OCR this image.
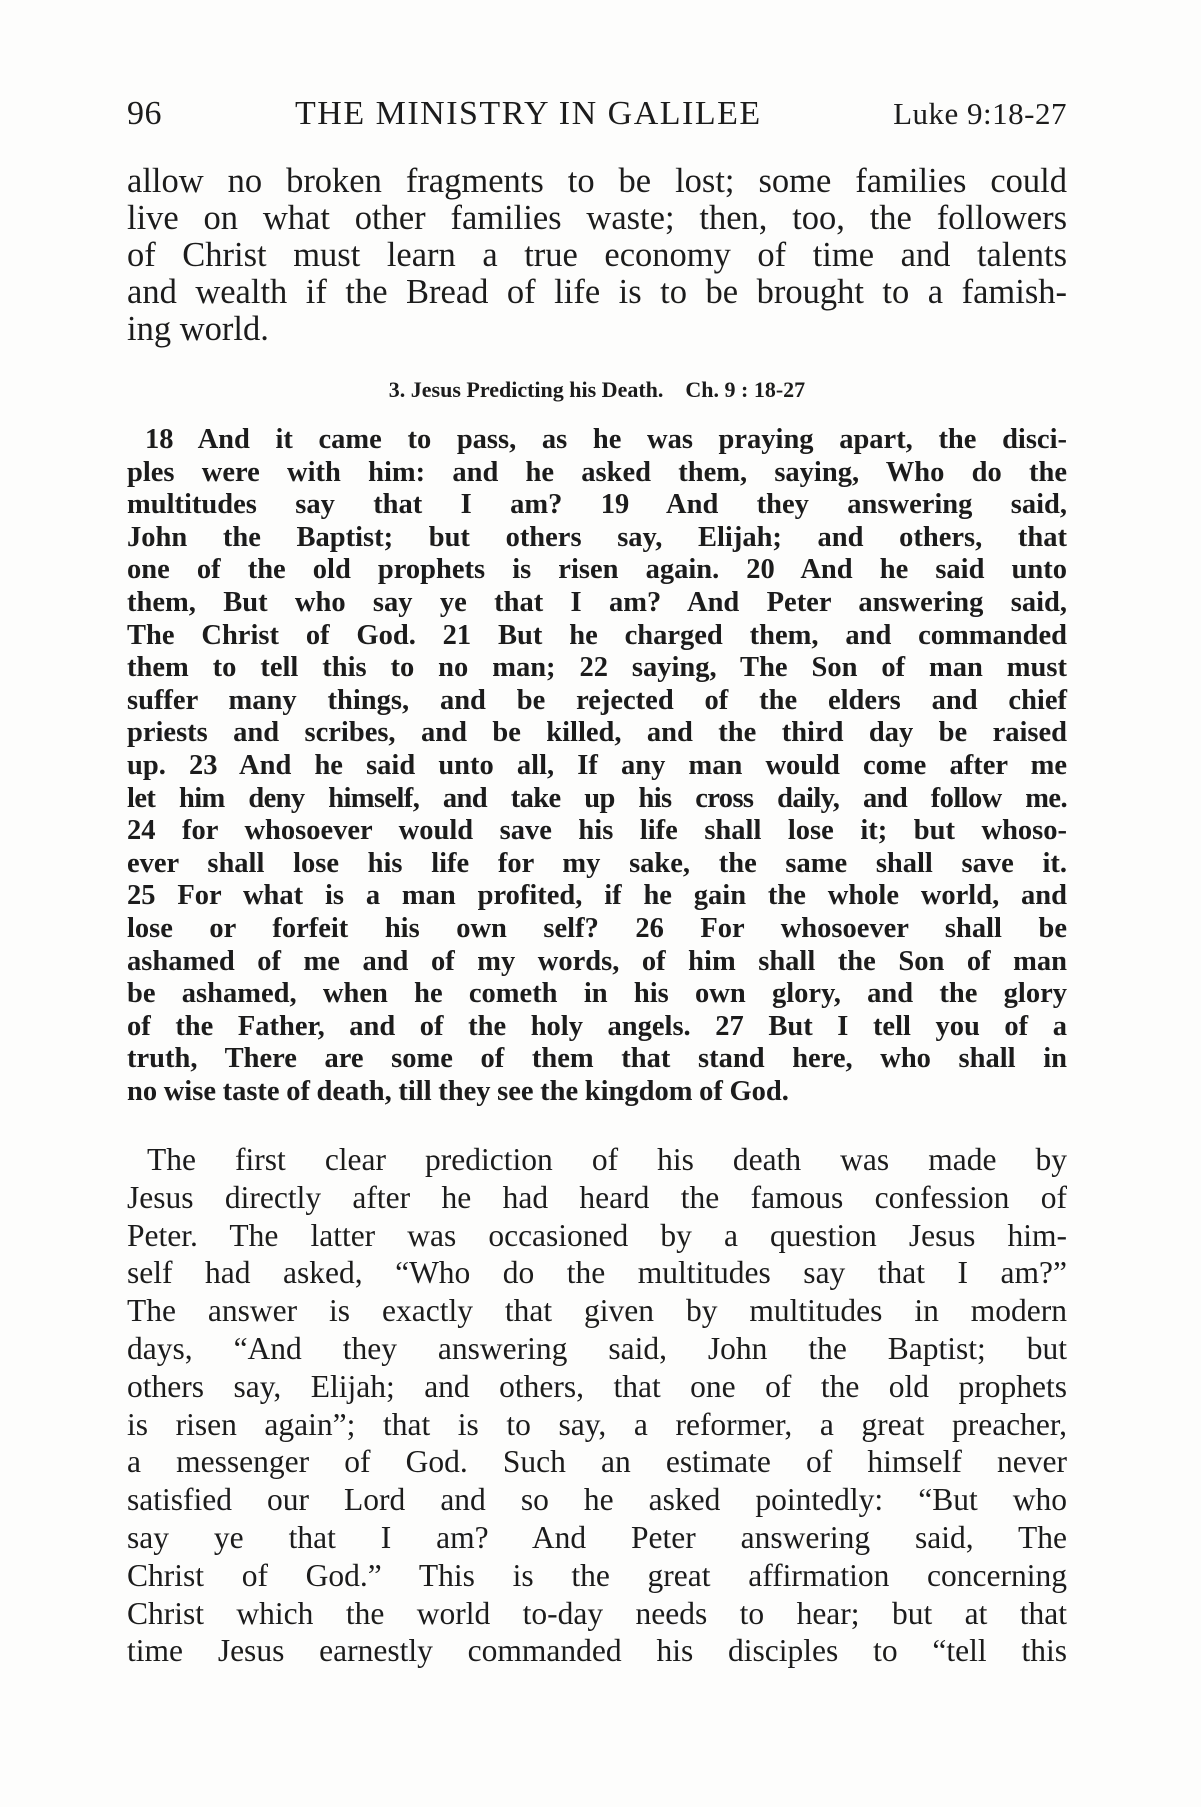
96	THE MINISTRY IN GALILEE	Luke 9:18-27
allow no broken fragments to be lost; some families could
live on what other families waste; then, too, the followers
of Christ must learn a true economy of time and talents
and wealth if the Bread of life is to be brought to a famish-
ing world.
3. Jesus Predicting his Death. Ch. 9 : 18-27
18 And it came to pass, as he was praying apart, the disci-
ples were with him: and he asked them, saying, Who do the
multitudes say that I am? 19 And they answering said,
John the Baptist; but others say, Elijah; and others, that
one of the old prophets is risen again. 20 And he said unto
them, But who say ye that I am? And Peter answering said,
The Christ of God. 21 But he charged them, and commanded
them to tell this to no man; 22 saying, The Son of man must
suffer many things, and be rejected of the elders and chief
priests and scribes, and be killed, and the third day be raised
up. 23 And he said unto all, If any man would come after me
let him deny himself, and take up his cross daily, and follow me.
24 for whosoever would save his life shall lose it; but whoso-
ever shall lose his life for my sake, the same shall save it.
25 For what is a man profited, if he gain the whole world, and
lose or forfeit his own self? 26 For whosoever shall be
ashamed of me and of my words, of him shall the Son of man
be ashamed, when he cometh in his own glory, and the glory
of the Father, and of the holy angels. 27 But I tell you of a
truth, There are some of them that stand here, who shall in
no wise taste of death, till they see the kingdom of God.
The first clear prediction of his death was made by
Jesus directly after he had heard the famous confession of
Peter. The latter was occasioned by a question Jesus him-
self had asked, “Who do the multitudes say that I am?”
The answer is exactly that given by multitudes in modern
days, “And they answering said, John the Baptist; but
others say, Elijah; and others, that one of the old prophets
is risen again”; that is to say, a reformer, a great preacher,
a messenger of God. Such an estimate of himself never
satisfied our Lord and so he asked pointedly: “But who
say ye that I am? And Peter answering said, The
Christ of God.” This is the great affirmation concerning
Christ which the world to-day needs to hear; but at that
time Jesus earnestly commanded his disciples to “tell this
